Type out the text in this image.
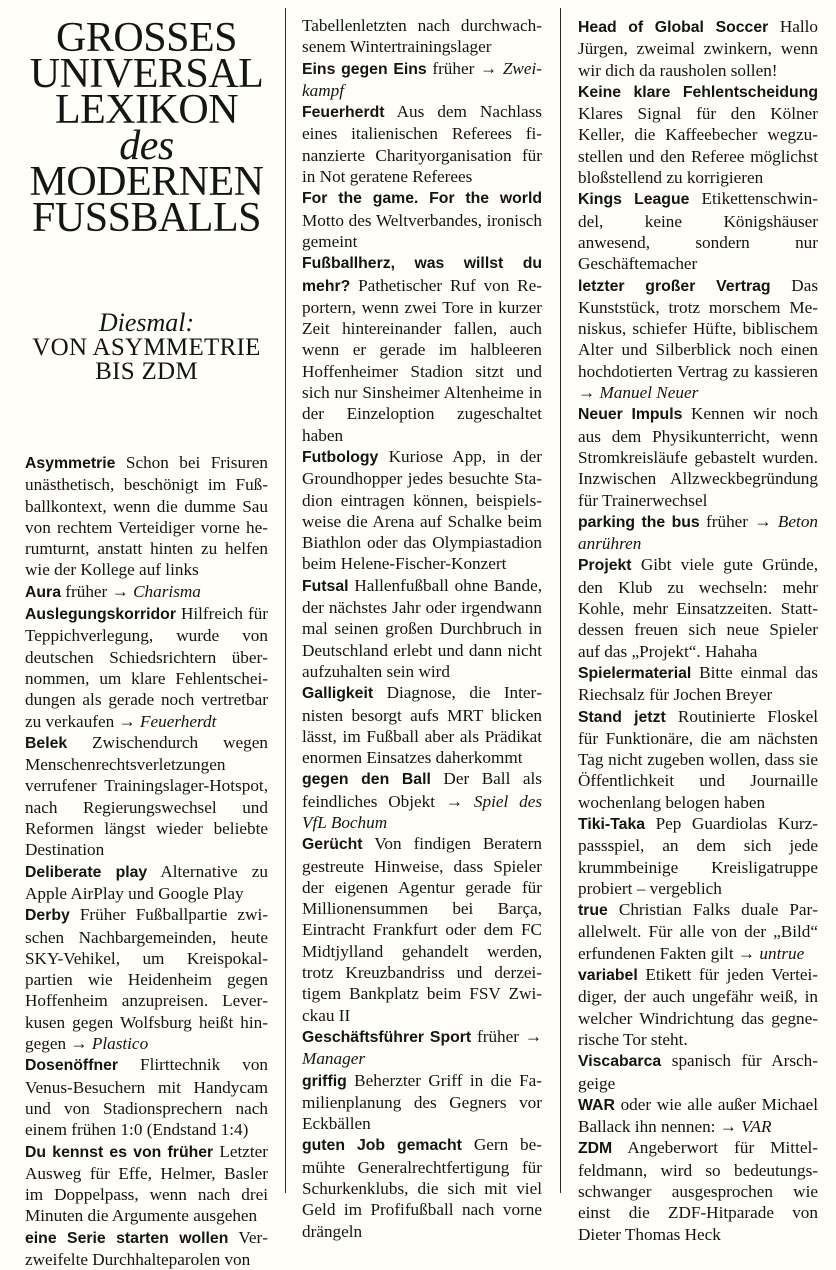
GROSSES
UNIVERSAL
LEXIKON
des
MODERNEN
FUSSBALLS
Diesmal:
VON ASYMMETRIE
BIS ZDM

Asymmetrie Schon bei Frisuren unästhetisch, beschönigt im Fußballkontext, wenn die dumme Sau von rechtem Verteidiger vorne herumturnt, anstatt hinten zu helfen wie der Kollege auf links

Aura früher → Charisma

Auslegungskorridor Hilfreich für Teppichverlegung, wurde von deutschen Schiedsrichtern übernommen, um klare Fehlentscheidungen als gerade noch vertretbar zu verkaufen → Feuerherdt

Belek Zwischendurch wegen Menschenrechtsverletzungen verrufener Trainingslager-Hotspot, nach Regierungswechsel und Reformen längst wieder beliebte Destination

Deliberate play Alternative zu Apple AirPlay und Google Play

Derby Früher Fußballpartie zwischen Nachbargemeinden, heute SKY-Vehikel, um Kreispokalpartien wie Heidenheim gegen Hoffenheim anzupreisen. Leverkusen gegen Wolfsburg heißt hingegen → Plastico

Dosenöffner Flirttechnik von Venus-Besuchern mit Handycam und von Stadionsprechern nach einem frühen 1:0 (Endstand 1:4)

Du kennst es von früher Letzter Ausweg für Effe, Helmer, Basler im Doppelpass, wenn nach drei Minuten die Argumente ausgehen

eine Serie starten wollen Verzweifelte Durchhalteparolen von

Tabellenletzten nach durchwachsenem Wintertrainingslager

Eins gegen Eins früher → Zweikampf

Feuerherdt Aus dem Nachlass eines italienischen Referees finanzierte Charityorganisation für in Not geratene Referees

For the game. For the world Motto des Weltverbandes, ironisch gemeint

Fußballherz, was willst du mehr? Pathetischer Ruf von Reportern, wenn zwei Tore in kurzer Zeit hintereinander fallen, auch wenn er gerade im halbleeren Hoffenheimer Stadion sitzt und sich nur Sinsheimer Altenheime in der Einzeloption zugeschaltet haben

Futbology Kuriose App, in der Groundhopper jedes besuchte Stadion eintragen können, beispielsweise die Arena auf Schalke beim Biathlon oder das Olympiastadion beim Helene-Fischer-Konzert

Futsal Hallenfußball ohne Bande, der nächstes Jahr oder irgendwann mal seinen großen Durchbruch in Deutschland erlebt und dann nicht aufzuhalten sein wird

Galligkeit Diagnose, die Internisten besorgt aufs MRT blicken lässt, im Fußball aber als Prädikat enormen Einsatzes daherkommt

gegen den Ball Der Ball als feindliches Objekt → Spiel des VfL Bochum

Gerücht Von findigen Beratern gestreute Hinweise, dass Spieler der eigenen Agentur gerade für Millionensummen bei Barça, Eintracht Frankfurt oder dem FC Midtjylland gehandelt werden, trotz Kreuzbandriss und derzeitigem Bankplatz beim FSV Zwickau II

Geschäftsführer Sport früher → Manager

griffig Beherzter Griff in die Familienplanung des Gegners vor Eckbällen

guten Job gemacht Gern bemühte Generalrechtfertigung für Schurkenklubs, die sich mit viel Geld im Profifußball nach vorne drängeln

Head of Global Soccer Hallo Jürgen, zweimal zwinkern, wenn wir dich da rausholen sollen!

Keine klare Fehlentscheidung Klares Signal für den Kölner Keller, die Kaffeebecher wegzustellen und den Referee möglichst bloßstellend zu korrigieren

Kings League Etikettenschwindel, keine Königshäuser anwesend, sondern nur Geschäftemacher

letzter großer Vertrag Das Kunststück, trotz morschem Meniskus, schiefer Hüfte, biblischem Alter und Silberblick noch einen hochdotierten Vertrag zu kassieren → Manuel Neuer

Neuer Impuls Kennen wir noch aus dem Physikunterricht, wenn Stromkreisläufe gebastelt wurden. Inzwischen Allzweckbegründung für Trainerwechsel

parking the bus früher → Beton anrühren

Projekt Gibt viele gute Gründe, den Klub zu wechseln: mehr Kohle, mehr Einsatzzeiten. Stattdessen freuen sich neue Spieler auf das „Projekt“. Hahaha

Spielermaterial Bitte einmal das Riechsalz für Jochen Breyer

Stand jetzt Routinierte Floskel für Funktionäre, die am nächsten Tag nicht zugeben wollen, dass sie Öffentlichkeit und Journaille wochenlang belogen haben

Tiki-Taka Pep Guardiolas Kurzpassspiel, an dem sich jede krummbeinige Kreisligatruppe probiert – vergeblich

true Christian Falks duale Parallelwelt. Für alle von der „Bild“ erfundenen Fakten gilt → untrue

variabel Etikett für jeden Verteidiger, der auch ungefähr weiß, in welcher Windrichtung das gegnerische Tor steht.

Viscabarca spanisch für Arschgeige

WAR oder wie alle außer Michael Ballack ihn nennen: → VAR

ZDM Angeberwort für Mittelfeldmann, wird so bedeutungsschwanger ausgesprochen wie einst die ZDF-Hitparade von Dieter Thomas Heck
